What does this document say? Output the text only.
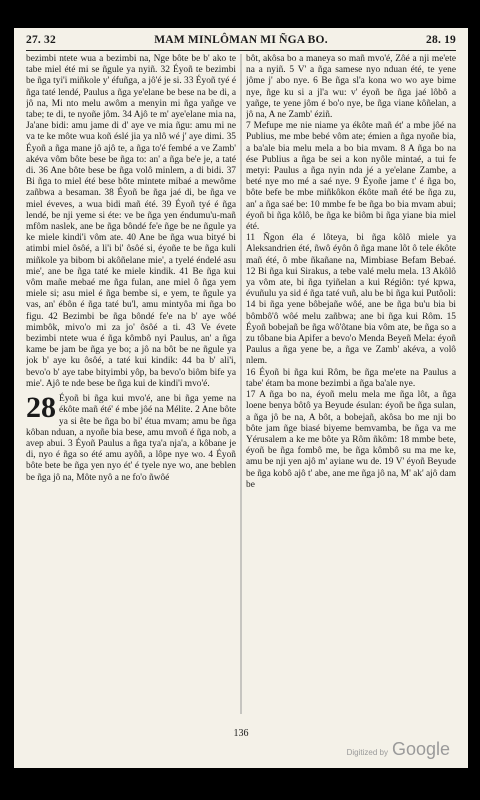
27. 32	MAM MINLÔMAN MI ÑGA BO.	28. 19

bezimbi ntete wua a bezimbi na, Ñge bôte be b' ako te tabe miel été mi se ñgule ya nyiñ. 32 Éyoñ te bezimbi be ñga tyi'i miñkole y' éfuñga, a jô'é je si. 33 Éyoñ tyé é ñga taté lendé, Paulus a ñga ye'elane be bese na be di, a jô na, Mi nto melu awôm a menyin mi ñga yañge ve tabe; te di, te nyoñe jôm. 34 Ajô te m' aye'elane mia na, Ja'ane bidi: amu jame di d' aye ve mia ñgu: amu mi ne va te ke môte wua koñ éslé jia ya nlô wé j' aye dimi. 35 Éyoñ a ñga mane jô ajô te, a ñga to'é fembé a ve Zamb' akéva vôm bôte bese be ñga to: an' a ñga be'e je, a taté di. 36 Ane bôte bese be ñga volô minlem, a di bidi. 37 Bi ñga to miel été bese bôte mintete mibaé a mewôme zañbwa a besaman. 38 Éyoñ be ñga jaé di, be ñga ve miel éveves, a wua bidi mañ été. 39 Éyoñ tyé é ñga lendé, be nji yeme si éte: ve be ñga yen éndumu'u-mañ mfôm naslek, ane be ñga bôndé fe'e ñge be ne ñgule ya ke miele kindi'i vôm ate. 40 Ane be ñga wua bityé bi atimbi miel ôsôé, a li'i bi' ôsôé si, éyoñe te be ñga kuli miñkole ya bibom bi akôñelane mie', a tyelé éndelé asu mie', ane be ñga taté ke miele kindik. 41 Be ñga kui vôm mañe mebaé me ñga fulan, ane miel ô ñga yem miele si; asu miel é ñga bembe si, e yem, te ñgule ya vas, an' ébôn é ñga taté bu'l, amu mintyôa mi ñga bo figu. 42 Bezimbi be ñga bôndé fe'e na b' aye wôé mimbôk, mivo'o mi za jo' ôsôé a ti. 43 Ve évete bezimbi ntete wua é ñga kômbô nyi Paulus, an' a ñga kame be jam be ñga ye bo; a jô na bôt be ne ñgule ya jok b' aye ku ôsôé, a taté kui kindik: 44 ba b' ali'i, bevo'o b' aye tabe bityimbi yôp, ba bevo'o biôm bife ya mie'. Ajô te nde bese be ñga kui de kindi'i mvo'é.

28 Éyoñ bi ñga kui mvo'é, ane bi ñga yeme na ékôte mañ été' é mbe jôé na Mélite. 2 Ane bôte ya si ête be ñga bo bi' étua mvam; amu be ñga kôban nduan, a nyoñe bia bese, amu mvoñ é ñga nob, a avep abui. 3 Éyoñ Paulus a ñga tya'a nja'a, a kôbane je di, nyo é ñga so été amu ayôñ, a lôpe nye wo. 4 Éyoñ bôte bete be ñga yen nyo ét' é tyele nye wo, ane beblen be ñga jô na, Môte nyô a ne fo'o ñwôé

bôt, akôsa bo a maneya so mañ mvo'é, Zôé a nji me'ete na a nyiñ. 5 V' a ñga samese nyo nduan été, te yene jôme j' abo nye. 6 Be ñga sl'a kona wo wo aye bime nye, ñge ku si a jl'a wu: v' éyoñ be ñga jaé lôbô a yañge, te yene jôm é bo'o nye, be ñga viane kôñelan, a jô na, A ne Zamb' éziñ.

7 Mefupe me nie niame ya ékôte mañ ét' a mbe jôé na Publius, me mbe bebé vôm ate; émien a ñga nyoñe bia, a ba'ale bia melu mela a bo bia mvam. 8 A ñga bo na ése Publius a ñga be sei a kon nyôle mintaé, a tui fe metyi: Paulus a ñga nyin nda jé a ye'elane Zambe, a beté nye mo mé a saé nye. 9 Éyoñe jame t' é ñga bo, bôte befe be mbe miñkôkon ékôte mañ été be ñga zu, an' a ñga saé be: 10 mmbe fe be ñga bo bia mvam abui; éyoñ bi ñga kôlô, be ñga ke biôm bi ñga yiane bia miel été.

11 Ñgon éla é lôteya, bi ñga kôlô miele ya Aleksandrien été, ñwô éyôn ô ñga mane lôt ô tele ékôte mañ été, ô mbe ñkañane na, Mimbiase Befam Bebaé. 12 Bi ñga kui Sirakus, a tebe valé melu mela. 13 Akôlô ya vôm ate, bi ñga tyiñelan a kui Régiôn: tyé kpwa, évuñulu ya sid é ñga taté vuñ, alu be bi ñga kui Putôoli: 14 bi ñga yene bôbejañe wôé, ane be ñga bu'u bia bi bômbô'ô wôé melu zañbwa; ane bi ñga kui Rôm. 15 Éyoñ bobejañ be ñga wô'ôtane bia vôm ate, be ñga so a zu tôbane bia Apifer a bevo'o Menda Beyeñ Mela: éyoñ Paulus a ñga yene be, a ñga ve Zamb' akéva, a volô nlem.

16 Éyoñ bi ñga kui Rôm, be ñga me'ete na Paulus a tabe' étam ba mone bezimbi a ñga ba'ale nye.

17 A ñga bo na, éyoñ melu mela me ñga lôt, a ñga loene benya bôtô ya Beyude ésulan: éyoñ be ñga sulan, a ñga jô be na, A bôt, a bobejañ, akôsa bo me nji bo bôte jam ñge biasé biyeme bemvamba, be ñga va me Yérusalem a ke me bôte ya Rôm ñkôm: 18 mmbe bete, éyoñ be ñga fombô me, be ñga kômbô su ma me ke, amu be nji yen ajô m' ayiane wu de. 19 V' éyoñ Beyude be ñga kobô ajô t' abe, ane me ñga jô na, M' ak' ajô dam be

136
Digitized by Google
